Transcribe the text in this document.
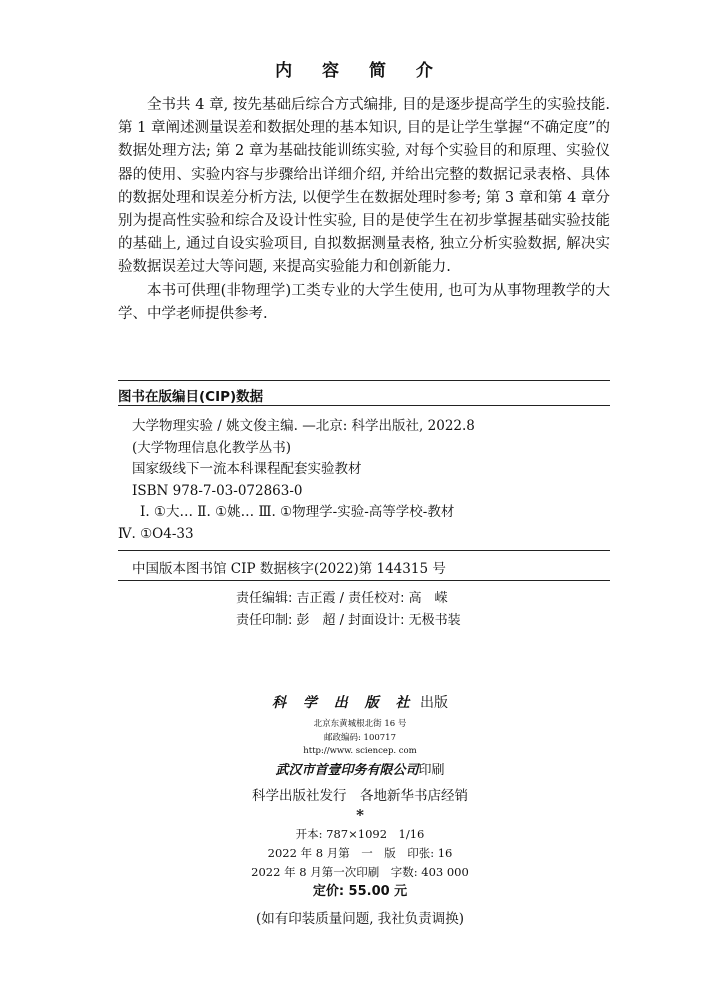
内 容 简 介

全书共 4 章, 按先基础后综合方式编排, 目的是逐步提高学生的实验技能. 第 1 章阐述测量误差和数据处理的基本知识, 目的是让学生掌握“不确定度”的数据处理方法; 第 2 章为基础技能训练实验, 对每个实验目的和原理、实验仪器的使用、实验内容与步骤给出详细介绍, 并给出完整的数据记录表格、具体的数据处理和误差分析方法, 以便学生在数据处理时参考; 第 3 章和第 4 章分别为提高性实验和综合及设计性实验, 目的是使学生在初步掌握基础实验技能的基础上, 通过自设实验项目, 自拟数据测量表格, 独立分析实验数据, 解决实验数据误差过大等问题, 来提高实验能力和创新能力.

本书可供理(非物理学)工类专业的大学生使用, 也可为从事物理教学的大学、中学老师提供参考.

图书在版编目(CIP)数据
大学物理实验 / 姚文俊主编. —北京: 科学出版社, 2022.8
(大学物理信息化教学丛书)
国家级线下一流本科课程配套实验教材
ISBN 978-7-03-072863-0
Ⅰ. ①大… Ⅱ. ①姚… Ⅲ. ①物理学-实验-高等学校-教材
Ⅳ. ①O4-33
中国版本图书馆 CIP 数据核字(2022)第 144315 号
责任编辑: 吉正霞 / 责任校对: 高　嵘
责任印制: 彭　超 / 封面设计: 无极书装
科 学 出 版 社 出版
北京东黄城根北街 16 号
邮政编码: 100717
http://www. sciencep. com
武汉市首壹印务有限公司印刷
科学出版社发行　各地新华书店经销
*
开本: 787×1092　1/16
2022 年 8 月第　一　版　印张: 16
2022 年 8 月第一次印刷　字数: 403 000
定价: 55.00 元
(如有印装质量问题, 我社负责调换)
